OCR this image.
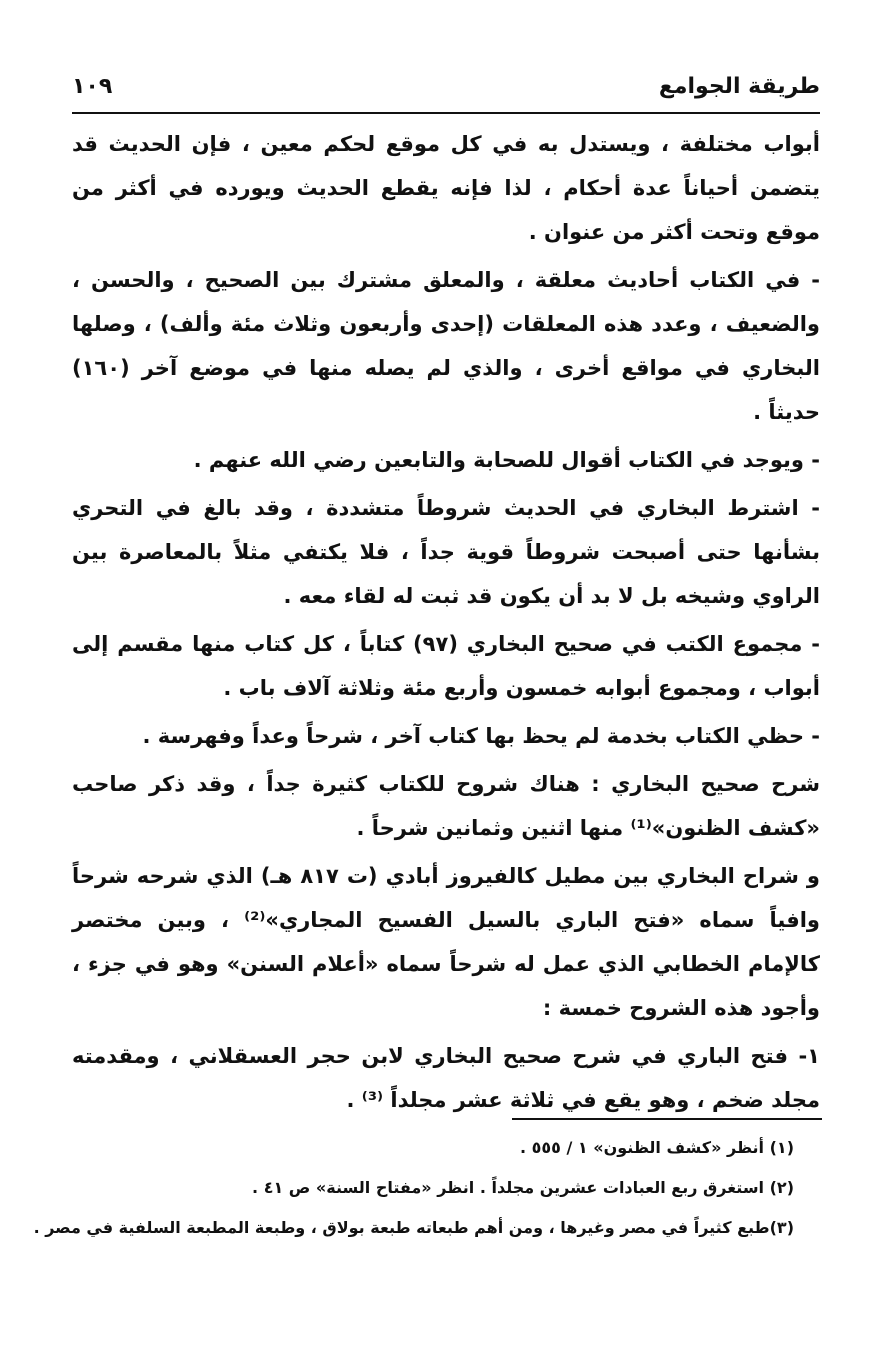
طريقة الجوامع
١٠٩

أبواب مختلفة ، ويستدل به في كل موقع لحكم معين ، فإن الحديث قد يتضمن أحياناً عدة أحكام ، لذا فإنه يقطع الحديث ويورده في أكثر من موقع وتحت أكثر من عنوان .

- في الكتاب أحاديث معلقة ، والمعلق مشترك بين الصحيح ، والحسن ، والضعيف ، وعدد هذه المعلقات (إحدى وأربعون وثلاث مئة وألف) ، وصلها البخاري في مواقع أخرى ، والذي لم يصله منها في موضع آخر (١٦٠) حديثاً .

- ويوجد في الكتاب أقوال للصحابة والتابعين رضي الله عنهم .

- اشترط البخاري في الحديث شروطاً متشددة ، وقد بالغ في التحري بشأنها حتى أصبحت شروطاً قوية جداً ، فلا يكتفي مثلاً بالمعاصرة بين الراوي وشيخه بل لا بد أن يكون قد ثبت له لقاء معه .

- مجموع الكتب في صحيح البخاري (٩٧) كتاباً ، كل كتاب منها مقسم إلى أبواب ، ومجموع أبوابه خمسون وأربع مئة وثلاثة آلاف باب .

- حظي الكتاب بخدمة لم يحظ بها كتاب آخر ، شرحاً وعداً وفهرسة .

شرح صحيح البخاري : هناك شروح للكتاب كثيرة جداً ، وقد ذكر صاحب «كشف الظنون»⁽¹⁾ منها اثنين وثمانين شرحاً .

و شراح البخاري بين مطيل كالفيروز أبادي (ت ٨١٧ هـ) الذي شرحه شرحاً وافياً سماه «فتح الباري بالسيل الفسيح المجاري»⁽²⁾ ، وبين مختصر كالإمام الخطابي الذي عمل له شرحاً سماه «أعلام السنن» وهو في جزء ، وأجود هذه الشروح خمسة :

١- فتح الباري في شرح صحيح البخاري لابن حجر العسقلاني ، ومقدمته مجلد ضخم ، وهو يقع في ثلاثة عشر مجلداً ⁽³⁾ .

(١) أنظر «كشف الظنون» ١ / ٥٥٥ .
(٢) استغرق ربع العبادات عشرين مجلداً . انظر «مفتاح السنة» ص ٤١ .
(٣)طبع كثيراً في مصر وغيرها ، ومن أهم طبعاته طبعة بولاق ، وطبعة المطبعة السلفية في مصر .
